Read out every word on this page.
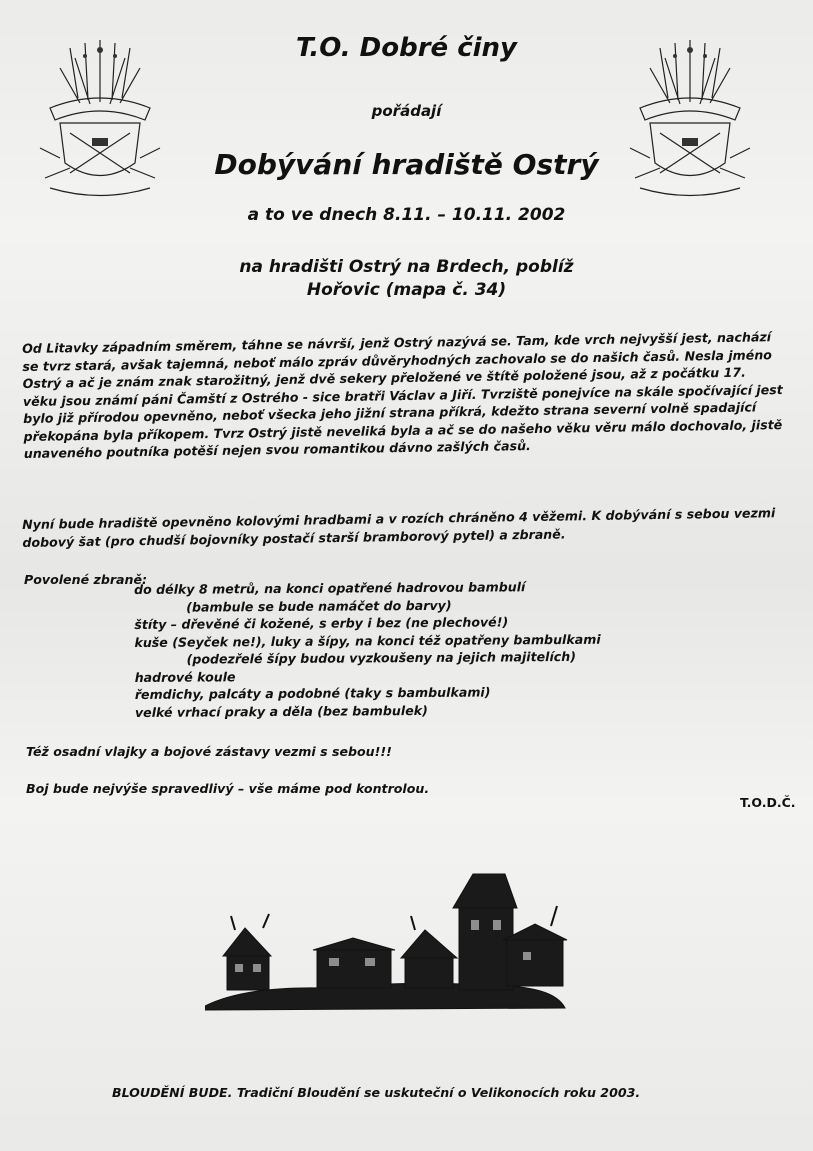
T.O. Dobré činy
pořádají
Dobývání hradiště Ostrý
a to ve dnech 8.11. – 10.11. 2002
na hradišti Ostrý na Brdech, poblíž
Hořovic (mapa č. 34)
Od Litavky západním směrem, táhne se návrší, jenž Ostrý nazývá se. Tam, kde vrch nejvyšší jest, nachází se tvrz stará, avšak tajemná, neboť málo zpráv důvěryhodných zachovalo se do našich časů. Nesla jméno Ostrý a ač je znám znak starožitný, jenž dvě sekery přeložené ve štítě položené jsou, až z počátku 17. věku jsou známí páni Čamští z Ostrého - sice bratři Václav a Jiří. Tvrziště ponejvíce na skále spočívající jest bylo již přírodou opevněno, neboť všecka jeho jižní strana příkrá, kdežto strana severní volně spadající překopána byla příkopem. Tvrz Ostrý jistě neveliká byla a ač se do našeho věku věru málo dochovalo, jistě unaveného poutníka potěší nejen svou romantikou dávno zašlých časů.
Nyní bude hradiště opevněno kolovými hradbami a v rozích chráněno 4 věžemi. K dobývání s sebou vezmi dobový šat (pro chudší bojovníky postačí starší bramborový pytel) a zbraně.
Povolené zbraně:
do délky 8 metrů, na konci opatřené hadrovou bambulí
(bambule se bude namáčet do barvy)
štíty – dřevěné či kožené, s erby i bez (ne plechové!)
kuše (Seyček ne!), luky a šípy, na konci též opatřeny bambulkami
(podezřelé šípy budou vyzkoušeny na jejich majitelích)
hadrové koule
řemdichy, palcáty a podobné (taky s bambulkami)
velké vrhací praky a děla (bez bambulek)
Též osadní vlajky a bojové zástavy vezmi s sebou!!!
Boj bude nejvýše spravedlivý – vše máme pod kontrolou.
T.O.D.Č.
BLOUDĚNÍ BUDE. Tradiční Bloudění se uskuteční o Velikonocích roku 2003.
